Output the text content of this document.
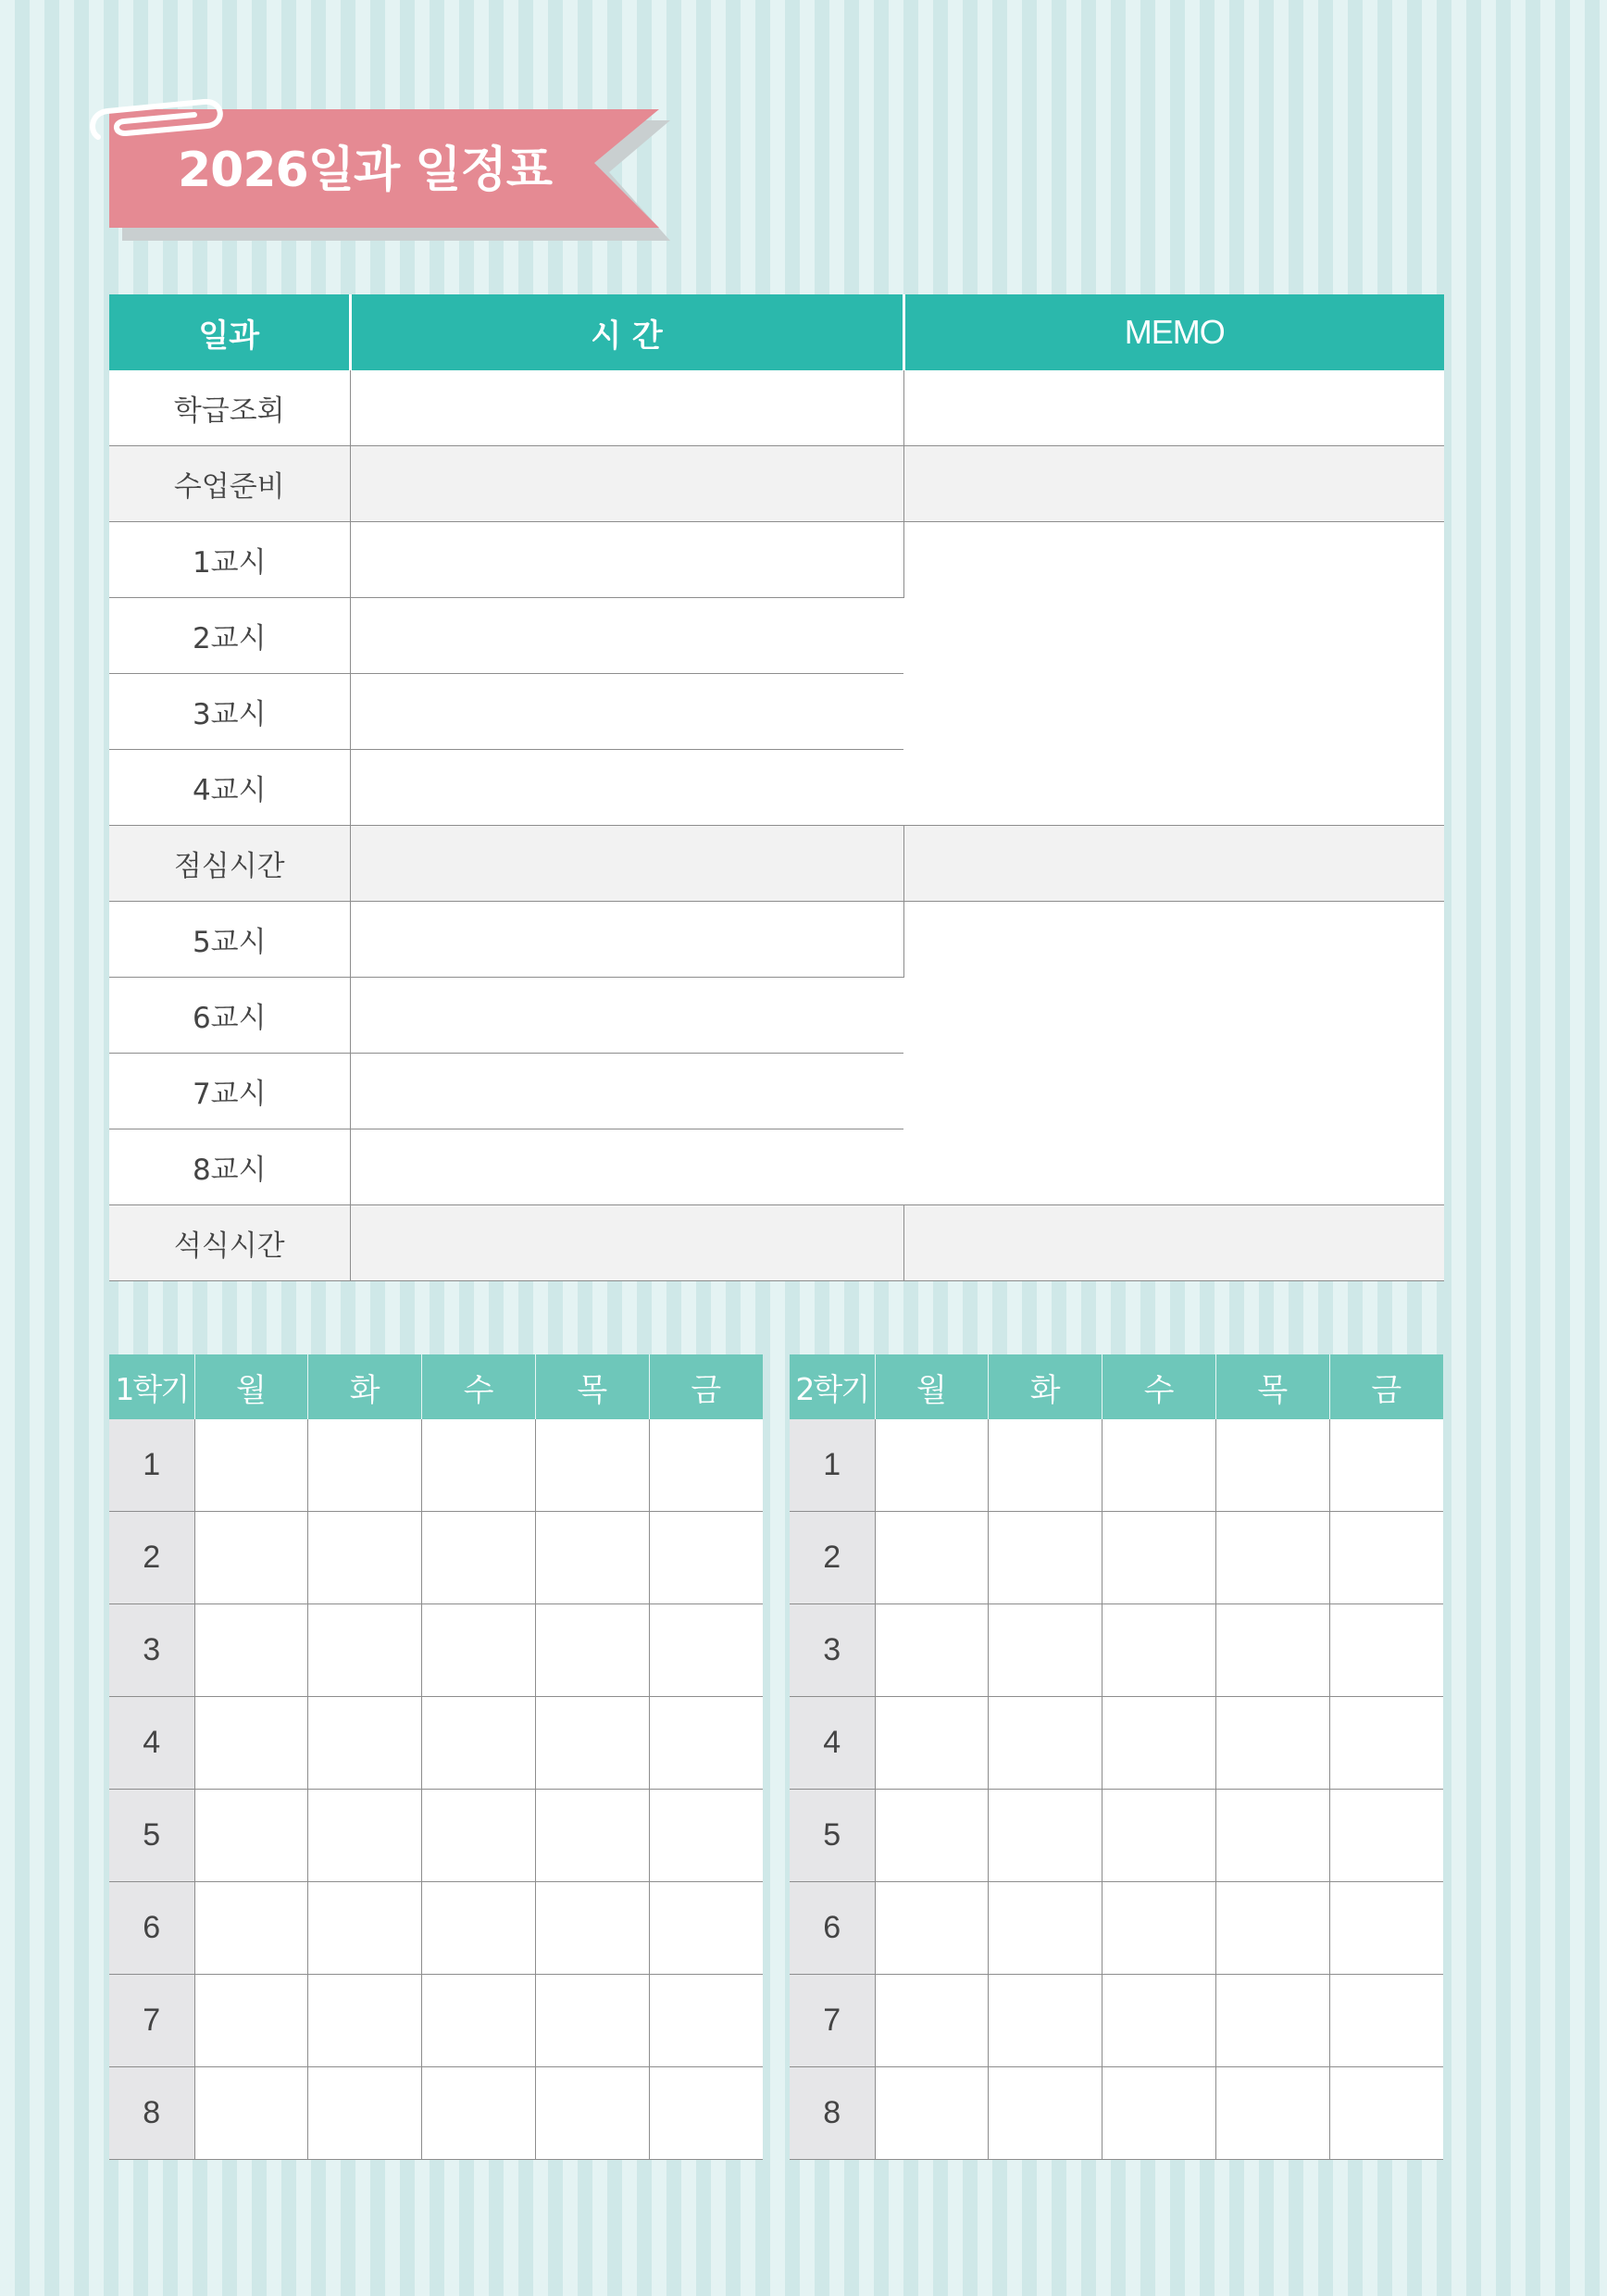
2026일과 일정표
일과	시 간	MEMO
학급조회		
수업준비		
1교시		
2교시		
3교시		
4교시		
점심시간		
5교시		
6교시		
7교시		
8교시		
석식시간		
1학기	월	화	수	목	금
1					
2					
3					
4					
5					
6					
7					
8					
2학기	월	화	수	목	금
1					
2					
3					
4					
5					
6					
7					
8					
